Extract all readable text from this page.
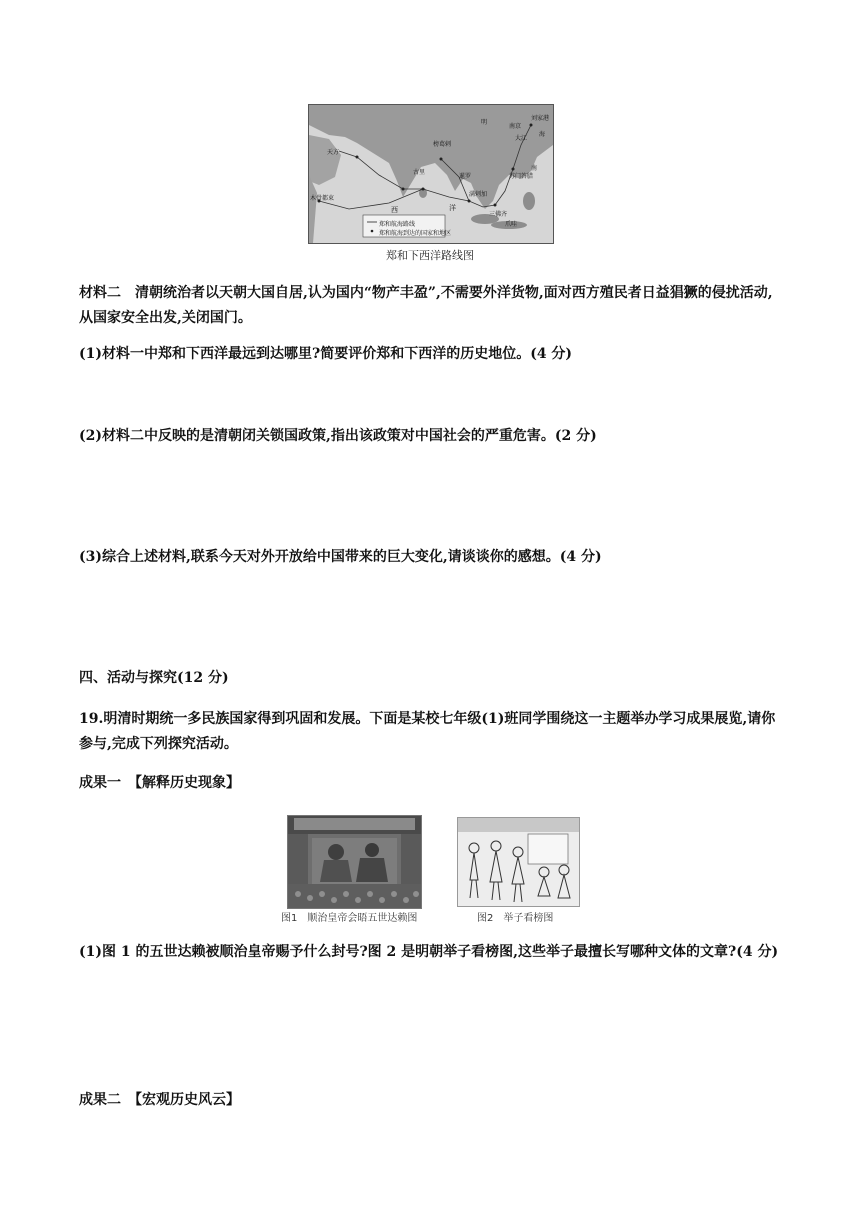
明
南京
刘家港
大江
海
榜葛剌
古里
暹罗
满剌加
苏门答腊
西	洋
木骨都束
天方
南
三佛齐
爪哇
郑和航海路线
郑和航海到达的国家和地区
郑和下西洋路线图
材料二　 清朝统治者以天朝大国自居,认为国内“物产丰盈”,不需要外洋货物,面对西方殖民者日益猖獗的侵扰活动,从国家安全出发,关闭国门。
(1)材料一中郑和下西洋最远到达哪里?简要评价郑和下西洋的历史地位。(4 分)
(2)材料二中反映的是清朝闭关锁国政策,指出该政策对中国社会的严重危害。(2 分)
(3)综合上述材料,联系今天对外开放给中国带来的巨大变化,请谈谈你的感想。(4 分)
四、活动与探究(12 分)
19.明清时期统一多民族国家得到巩固和发展。下面是某校七年级(1)班同学围绕这一主题举办学习成果展览,请你参与,完成下列探究活动。
成果一　【解释历史现象】
图1　顺治皇帝会晤五世达赖图	图2　举子看榜图
(1)图 1 的五世达赖被顺治皇帝赐予什么封号?图 2 是明朝举子看榜图,这些举子最擅长写哪种文体的文章?(4 分)
成果二　【宏观历史风云】
